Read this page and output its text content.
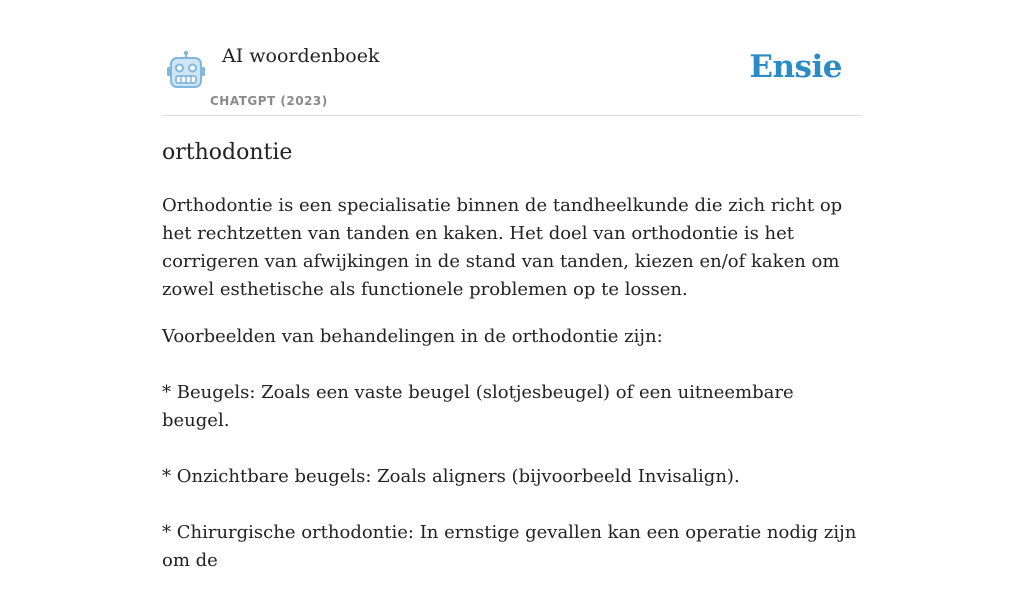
AI woordenboek
CHATGPT (2023)
Ensie
orthodontie

Orthodontie is een specialisatie binnen de tandheelkunde die zich richt op het rechtzetten van tanden en kaken. Het doel van orthodontie is het corrigeren van afwijkingen in de stand van tanden, kiezen en/of kaken om zowel esthetische als functionele problemen op te lossen.

Voorbeelden van behandelingen in de orthodontie zijn:

* Beugels: Zoals een vaste beugel (slotjesbeugel) of een uitneembare beugel.

* Onzichtbare beugels: Zoals aligners (bijvoorbeeld Invisalign).

* Chirurgische orthodontie: In ernstige gevallen kan een operatie nodig zijn om de
